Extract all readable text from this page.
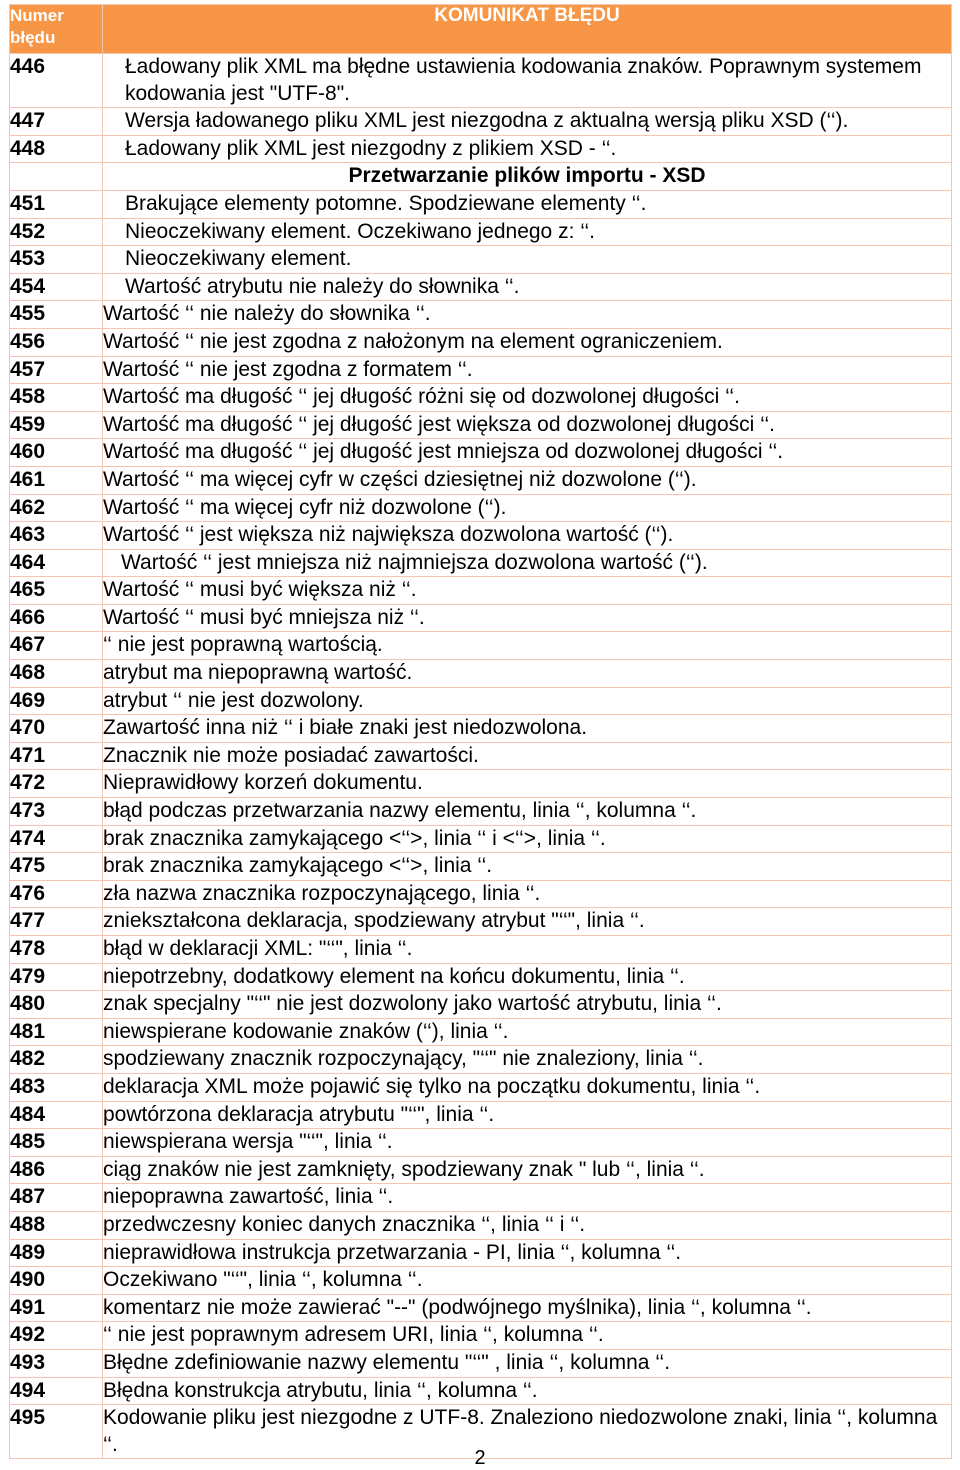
Numer błędu	KOMUNIKAT BŁĘDU
446	Ładowany plik XML ma błędne ustawienia kodowania znaków. Poprawnym systemem kodowania jest "UTF-8".
447	Wersja ładowanego pliku XML jest niezgodna z aktualną wersją pliku XSD (‘‘).
448	Ładowany plik XML jest niezgodny z plikiem XSD - ‘‘.
	Przetwarzanie plików importu - XSD
451	Brakujące elementy potomne. Spodziewane elementy ‘‘.
452	Nieoczekiwany element. Oczekiwano jednego z: ‘‘.
453	Nieoczekiwany element.
454	Wartość atrybutu nie należy do słownika ‘‘.
455	Wartość ‘‘ nie należy do słownika ‘‘.
456	Wartość ‘‘ nie jest zgodna z nałożonym na element ograniczeniem.
457	Wartość ‘‘ nie jest zgodna z formatem ‘‘.
458	Wartość ma długość ‘‘ jej długość różni się od dozwolonej długości ‘‘.
459	Wartość ma długość ‘‘ jej długość jest większa od dozwolonej długości ‘‘.
460	Wartość ma długość ‘‘ jej długość jest mniejsza od dozwolonej długości ‘‘.
461	Wartość ‘‘ ma więcej cyfr w części dziesiętnej niż dozwolone (‘‘).
462	Wartość ‘‘ ma więcej cyfr niż dozwolone (‘‘).
463	Wartość ‘‘ jest większa niż największa dozwolona wartość (‘‘).
464	Wartość ‘‘ jest mniejsza niż najmniejsza dozwolona wartość (‘‘).
465	Wartość ‘‘ musi być większa niż ‘‘.
466	Wartość ‘‘ musi być mniejsza niż ‘‘.
467	‘‘ nie jest poprawną wartością.
468	atrybut ma niepoprawną wartość.
469	atrybut ‘‘ nie jest dozwolony.
470	Zawartość inna niż ‘‘ i białe znaki jest niedozwolona.
471	Znacznik nie może posiadać zawartości.
472	Nieprawidłowy korzeń dokumentu.
473	błąd podczas przetwarzania nazwy elementu, linia ‘‘, kolumna ‘‘.
474	brak znacznika zamykającego <‘‘>, linia ‘‘ i <‘‘>, linia ‘‘.
475	brak znacznika zamykającego <‘‘>, linia ‘‘.
476	zła nazwa znacznika rozpoczynającego, linia ‘‘.
477	zniekształcona deklaracja, spodziewany atrybut "‘‘", linia ‘‘.
478	błąd w deklaracji XML: "‘‘", linia ‘‘.
479	niepotrzebny, dodatkowy element na końcu dokumentu, linia ‘‘.
480	znak specjalny "‘‘" nie jest dozwolony jako wartość atrybutu, linia ‘‘.
481	niewspierane kodowanie znaków (‘‘), linia ‘‘.
482	spodziewany znacznik rozpoczynający, "‘‘" nie znaleziony, linia ‘‘.
483	deklaracja XML może pojawić się tylko na początku dokumentu, linia ‘‘.
484	powtórzona deklaracja atrybutu "‘‘", linia ‘‘.
485	niewspierana wersja "‘‘", linia ‘‘.
486	ciąg znaków nie jest zamknięty, spodziewany znak " lub ‘‘, linia ‘‘.
487	niepoprawna zawartość, linia ‘‘.
488	przedwczesny koniec danych znacznika ‘‘, linia ‘‘ i ‘‘.
489	nieprawidłowa instrukcja przetwarzania - PI, linia ‘‘, kolumna ‘‘.
490	Oczekiwano "‘‘", linia ‘‘, kolumna ‘‘.
491	komentarz nie może zawierać "--" (podwójnego myślnika), linia ‘‘, kolumna ‘‘.
492	‘‘ nie jest poprawnym adresem URI, linia ‘‘, kolumna ‘‘.
493	Błędne zdefiniowanie nazwy elementu "‘‘" , linia ‘‘, kolumna ‘‘.
494	Błędna konstrukcja atrybutu, linia ‘‘, kolumna ‘‘.
495	Kodowanie pliku jest niezgodne z UTF-8. Znaleziono niedozwolone znaki, linia ‘‘, kolumna ‘‘.
2
